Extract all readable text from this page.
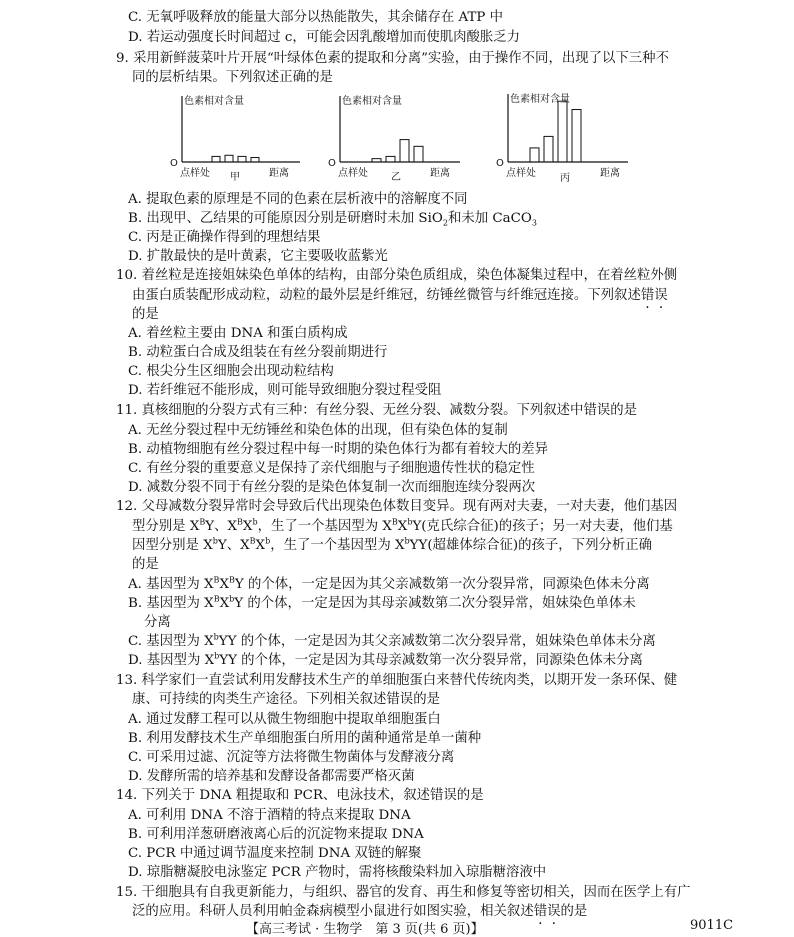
C. 无氧呼吸释放的能量大部分以热能散失，其余储存在 ATP 中
D. 若运动强度长时间超过 c，可能会因乳酸增加而使肌肉酸胀乏力
9. 采用新鲜菠菜叶片开展“叶绿体色素的提取和分离”实验，由于操作不同，出现了以下三种不
同的层析结果。下列叙述正确的是
色素相对含量
O
点样处	距离
甲
色素相对含量
O
点样处	距离
乙
色素相对含量
O
点样处	距离
丙
A. 提取色素的原理是不同的色素在层析液中的溶解度不同
B. 出现甲、乙结果的可能原因分别是研磨时未加 SiO$_2$和未加 CaCO$_3$
C. 丙是正确操作得到的理想结果
D. 扩散最快的是叶黄素，它主要吸收蓝紫光
10. 着丝粒是连接姐妹染色单体的结构，由部分染色质组成，染色体凝集过程中，在着丝粒外侧
由蛋白质装配形成动粒，动粒的最外层是纤维冠，纺锤丝微管与纤维冠连接。下列叙述错误
的是
A. 着丝粒主要由 DNA 和蛋白质构成
B. 动粒蛋白合成及组装在有丝分裂前期进行
C. 根尖分生区细胞会出现动粒结构
D. 若纤维冠不能形成，则可能导致细胞分裂过程受阻
11. 真核细胞的分裂方式有三种：有丝分裂、无丝分裂、减数分裂。下列叙述中错误的是
A. 无丝分裂过程中无纺锤丝和染色体的出现，但有染色体的复制
B. 动植物细胞有丝分裂过程中每一时期的染色体行为都有着较大的差异
C. 有丝分裂的重要意义是保持了亲代细胞与子细胞遗传性状的稳定性
D. 减数分裂不同于有丝分裂的是染色体复制一次而细胞连续分裂两次
12. 父母减数分裂异常时会导致后代出现染色体数目变异。现有两对夫妻，一对夫妻，他们基因
型分别是 $X^BY$、$X^BX^b$，生了一个基因型为 $X^BX^bY$(克氏综合征)的孩子；另一对夫妻，他们基
因型分别是 $X^bY$、$X^BX^b$，生了一个基因型为 $X^bYY$(超雄体综合征)的孩子，下列分析正确
的是
A. 基因型为 $X^BX^BY$ 的个体，一定是因为其父亲减数第一次分裂异常，同源染色体未分离
B. 基因型为 $X^BX^bY$ 的个体，一定是因为其母亲减数第二次分裂异常，姐妹染色单体未
分离
C. 基因型为 $X^bYY$ 的个体，一定是因为其父亲减数第二次分裂异常，姐妹染色单体未分离
D. 基因型为 $X^bYY$ 的个体，一定是因为其母亲减数第一次分裂异常，同源染色体未分离
13. 科学家们一直尝试利用发酵技术生产的单细胞蛋白来替代传统肉类，以期开发一条环保、健
康、可持续的肉类生产途径。下列相关叙述错误的是
A. 通过发酵工程可以从微生物细胞中提取单细胞蛋白
B. 利用发酵技术生产单细胞蛋白所用的菌种通常是单一菌种
C. 可采用过滤、沉淀等方法将微生物菌体与发酵液分离
D. 发酵所需的培养基和发酵设备都需要严格灭菌
14. 下列关于 DNA 粗提取和 PCR、电泳技术，叙述错误的是
A. 可利用 DNA 不溶于酒精的特点来提取 DNA
B. 可利用洋葱研磨液离心后的沉淀物来提取 DNA
C. PCR 中通过调节温度来控制 DNA 双链的解聚
D. 琼脂糖凝胶电泳鉴定 PCR 产物时，需将核酸染料加入琼脂糖溶液中
15. 干细胞具有自我更新能力，与组织、器官的发育、再生和修复等密切相关，因而在医学上有广
泛的应用。科研人员利用帕金森病模型小鼠进行如图实验，相关叙述错误的是
【高三考试 · 生物学　第 3 页(共 6 页)】	9011C
